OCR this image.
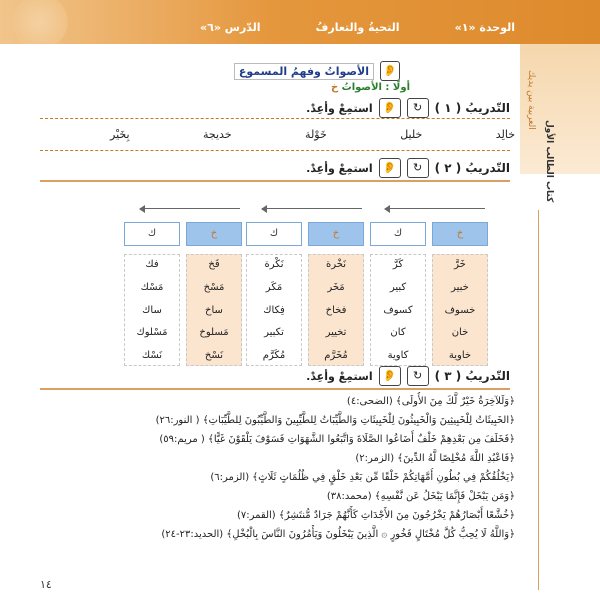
الوحدة «١»
التحيةُ والتعارفُ
الدّرس «٦»
العربية بين يديك
كتاب الطالب الأول
👂
الأصواتُ وفهمُ المسموع
أولًا : الأصواتُ خ
التّدريبُ ( ١ )
↻
👂
استمِعْ وأعِدْ.
خالِد
خليل
خَوْلة
خديجة
بِخَيْر
التّدريبُ ( ٢ )
↻
👂
استمِعْ وأعِدْ.
خ
خَرَّ
خبير
خسوف
خان
خاوية
ك
كَرَّ
كبير
كسوف
كان
كاوية
خ
نَخْرة
مَخَر
فخاخ
تخيير
مُخَرَّم
ك
نَكْرة
مَكَر
فِكاك
تكبير
مُكَرَّم
خ
فَخ
مَسْخ
ساخ
مَسلوخ
نَسْخ
ك
فك
مَسْك
ساك
مَسْلوك
نَسْك
التّدريبُ ( ٣ )
↻
👂
استمِعْ وأعِدْ.
﴿وَلَلآخِرَةُ خَيْرٌ لَّكَ مِنَ الأُولَى﴾ (الضحى:٤)
﴿الخَبِيثَاتُ لِلْخَبِيثِينَ وَالْخَبِيثُونَ لِلْخَبِيثَاتِ وَالطَّيِّبَاتُ لِلطَّيِّبِينَ وَالطَّيِّبُونَ لِلطَّيِّبَاتِ﴾ ( النور:٢٦)
﴿فَخَلَفَ مِن بَعْدِهِمْ خَلْفٌ أَضَاعُوا الصَّلَاةَ وَاتَّبَعُوا الشَّهَوَاتِ فَسَوْفَ يَلْقَوْنَ غَيًّا﴾ ( مريم:٥٩)
﴿فَاعْبُدِ اللَّهَ مُخْلِصًا لَّهُ الدِّينَ﴾ (الزمر:٢)
﴿يَخْلُقُكُمْ فِي بُطُونِ أُمَّهَاتِكُمْ خَلْقًا مِّن بَعْدِ خَلْقٍ فِي ظُلُمَاتٍ ثَلَاثٍ﴾ (الزمر:٦)
﴿وَمَن يَبْخَلْ فَإِنَّمَا يَبْخَلُ عَن نَّفْسِهِ﴾ (محمد:٣٨)
﴿خُشَّعًا أَبْصَارُهُمْ يَخْرُجُونَ مِنَ الأَجْدَاثِ كَأَنَّهُمْ جَرَادٌ مُّنتَشِرٌ﴾ (القمر:٧)
﴿وَاللَّهُ لَا يُحِبُّ كُلَّ مُخْتَالٍ فَخُورٍ ۞ الَّذِينَ يَبْخَلُونَ وَيَأْمُرُونَ النَّاسَ بِالْبُخْلِ﴾ (الحديد:٢٣-٢٤)
١٤
